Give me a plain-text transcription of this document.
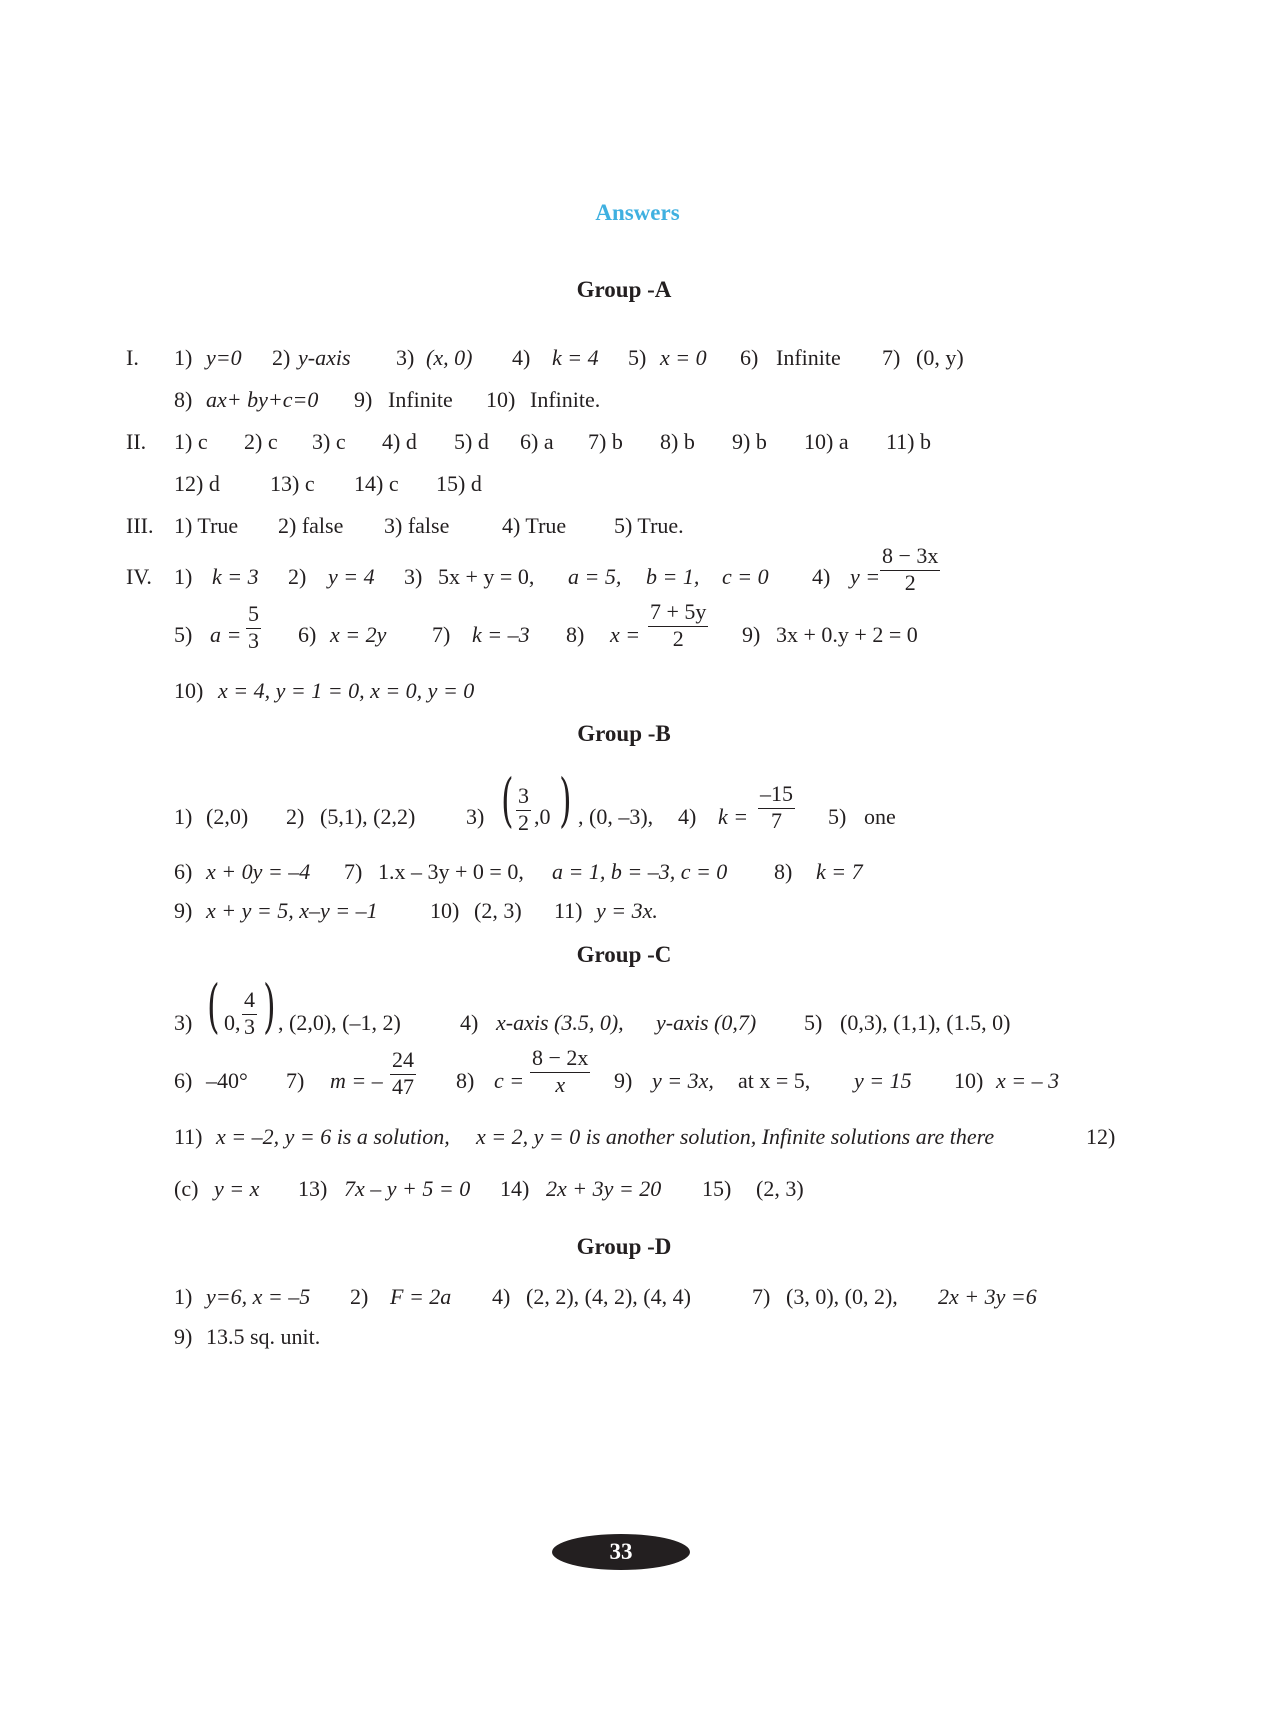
Answers
Group -A
I. 1) y=0 2) y-axis 3) (x, 0) 4) k = 4 5) x = 0 6) Infinite 7) (0, y)
8) ax+ by+c=0 9) Infinite 10) Infinite.
II. 1) c 2) c 3) c 4) d 5) d 6) a 7) b 8) b 9) b 10) a 11) b
12) d 13) c 14) c 15) d
III. 1) True 2) false 3) false 4) True 5) True.
IV. 1) k = 3 2) y = 4 3) 5x + y = 0, a = 5, b = 1, c = 0 4) $y = \frac{8 - 3x}{2}$
5) $a = \frac{5}{3} 6$) x = 2y 7) k = –3 8) $x = \frac{7 + 5y}{2} 9$) 3x + 0.y + 2 = 0
10) x = 4, y = 1 = 0, x = 0, y = 0
Group -B
1) (2,0) 2) (5,1), (2,2) 3) ( $\frac{3}{2} ,0$ ) , (0, –3), 4) $k = \frac{-15}{7} 5$) one
6) x + 0y = –4 7) 1.x – 3y + 0 = 0, a = 1, b = –3, c = 0 8) k = 7
9) x + y = 5, x–y = –1 10) (2, 3) 11) y = 3x.
Group -C
3) ( 0, $\frac{4}{3}$ ) , (2,0), (–1, 2)	4) x-axis (3.5, 0), y-axis (0,7) 5) (0,3), (1,1), (1.5, 0)
6) –40° 7) m = – $\frac{24}{47} 8$) $c = \frac{8 - 2x}{x} 9$) y = 3x, at x = 5, y = 15 10) x = – 3
11) x = –2, y = 6 is a solution, x = 2, y = 0 is another solution, Infinite solutions are there	12)
(c) y = x 13) 7x – y + 5 = 0 14) 2x + 3y = 20 15) (2, 3)
Group -D
1) y=6, x = –5 2) F = 2a 4) (2, 2), (4, 2), (4, 4)	7) (3, 0), (0, 2), 2x + 3y =6
9) 13.5 sq. unit.
33
